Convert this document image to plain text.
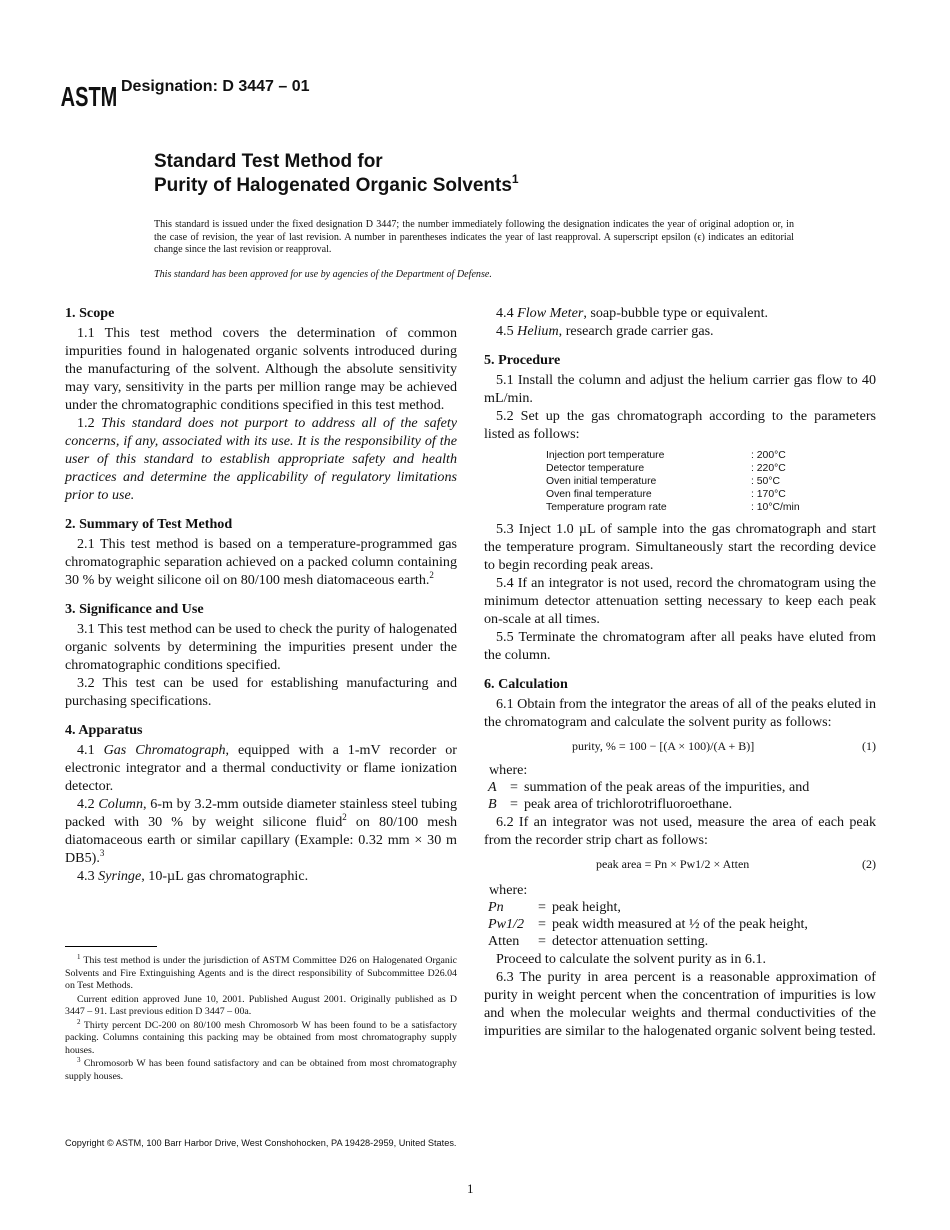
ASTM Designation: D 3447 – 01
Standard Test Method for
Purity of Halogenated Organic Solvents$^1$
This standard is issued under the fixed designation D 3447; the number immediately following the designation indicates the year of original adoption or, in the case of revision, the year of last revision. A number in parentheses indicates the year of last reapproval. A superscript epsilon (ϵ) indicates an editorial change since the last revision or reapproval.
This standard has been approved for use by agencies of the Department of Defense.
1. Scope

1.1 This test method covers the determination of common impurities found in halogenated organic solvents introduced during the manufacturing of the solvent. Although the absolute sensitivity may vary, sensitivity in the parts per million range may be achieved under the chromatographic conditions specified in this test method.

1.2 This standard does not purport to address all of the safety concerns, if any, associated with its use. It is the responsibility of the user of this standard to establish appropriate safety and health practices and determine the applicability of regulatory limitations prior to use.

2. Summary of Test Method

2.1 This test method is based on a temperature-programmed gas chromatographic separation achieved on a packed column containing 30 % by weight silicone oil on 80/100 mesh diatomaceous earth.$^2$

3. Significance and Use

3.1 This test method can be used to check the purity of halogenated organic solvents by determining the impurities present under the chromatographic conditions specified.

3.2 This test can be used for establishing manufacturing and purchasing specifications.

4. Apparatus

4.1 Gas Chromatograph, equipped with a 1-mV recorder or electronic integrator and a thermal conductivity or flame ionization detector.

4.2 Column, 6-m by 3.2-mm outside diameter stainless steel tubing packed with 30 % by weight silicone fluid$^2$ on 80/100 mesh diatomaceous earth or similar capillary (Example: 0.32 mm × 30 m DB5).$^3$

4.3 Syringe, 10-µL gas chromatographic.

$^1$ This test method is under the jurisdiction of ASTM Committee D26 on Halogenated Organic Solvents and Fire Extinguishing Agents and is the direct responsibility of Subcommittee D26.04 on Test Methods.

Current edition approved June 10, 2001. Published August 2001. Originally published as D 3447 – 91. Last previous edition D 3447 – 00a.

$^2$ Thirty percent DC-200 on 80/100 mesh Chromosorb W has been found to be a satisfactory packing. Columns containing this packing may be obtained from most chromatography supply houses.

$^3$ Chromosorb W has been found satisfactory and can be obtained from most chromatography supply houses.

4.4 Flow Meter, soap-bubble type or equivalent.

4.5 Helium, research grade carrier gas.

5. Procedure

5.1 Install the column and adjust the helium carrier gas flow to 40 mL/min.

5.2 Set up the gas chromatograph according to the parameters listed as follows:

Injection port temperature	: 200°C
Detector temperature	: 220°C
Oven initial temperature	: 50°C
Oven final temperature	: 170°C
Temperature program rate	: 10°C/min

5.3 Inject 1.0 µL of sample into the gas chromatograph and start the temperature program. Simultaneously start the recording device to begin recording peak areas.

5.4 If an integrator is not used, record the chromatogram using the minimum detector attenuation setting necessary to keep each peak on-scale at all times.

5.5 Terminate the chromatogram after all peaks have eluted from the column.

6. Calculation

6.1 Obtain from the integrator the areas of all of the peaks eluted in the chromatogram and calculate the solvent purity as follows:

purity, % = 100 − [(A × 100)/(A + B)]	(1)

where:

A	=	summation of the peak areas of the impurities, and
B	=	peak area of trichlorotrifluoroethane.

6.2 If an integrator was not used, measure the area of each peak from the recorder strip chart as follows:

peak area = Pn × Pw1/2 × Atten	(2)

where:

Pn	=	peak height,
Pw1/2	=	peak width measured at ½ of the peak height,
Atten	=	detector attenuation setting.

Proceed to calculate the solvent purity as in 6.1.

6.3 The purity in area percent is a reasonable approximation of purity in weight percent when the concentration of impurities is low and when the molecular weights and thermal conductivities of the impurities are similar to the halogenated organic solvent being tested.

Copyright © ASTM, 100 Barr Harbor Drive, West Conshohocken, PA 19428-2959, United States.
1
